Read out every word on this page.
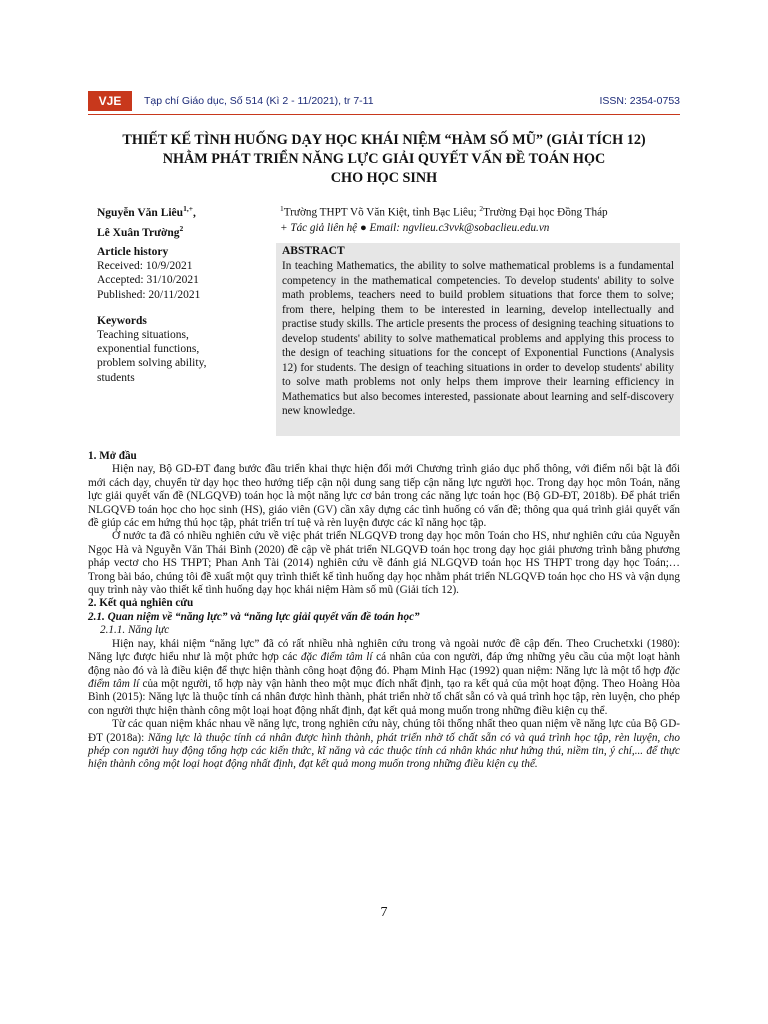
VJE	Tạp chí Giáo dục, Số 514 (Kì 2 - 11/2021), tr 7-11	ISSN: 2354-0753
THIẾT KẾ TÌNH HUỐNG DẠY HỌC KHÁI NIỆM “HÀM SỐ MŨ” (GIẢI TÍCH 12)
NHẰM PHÁT TRIỂN NĂNG LỰC GIẢI QUYẾT VẤN ĐỀ TOÁN HỌC
CHO HỌC SINH
Nguyễn Văn Liêu$^{1,+}$,
Lê Xuân Trường$^2$
$^1$Trường THPT Võ Văn Kiệt, tỉnh Bạc Liêu; $^2$Trường Đại học Đồng Tháp
+ Tác giả liên hệ ● Email: ngvlieu.c3vvk@sobaclieu.edu.vn
Article history
Received: 10/9/2021
Accepted: 31/10/2021
Published: 20/11/2021
Keywords
Teaching situations,
exponential functions,
problem solving ability,
students
ABSTRACT
In teaching Mathematics, the ability to solve mathematical problems is a fundamental competency in the mathematical competencies. To develop students' ability to solve math problems, teachers need to build problem situations that force them to solve; from there, helping them to be interested in learning, develop intellectually and practise study skills. The article presents the process of designing teaching situations to develop students' ability to solve mathematical problems and applying this process to the design of teaching situations for the concept of Exponential Functions (Analysis 12) for students. The design of teaching situations in order to develop students' ability to solve math problems not only helps them improve their learning efficiency in Mathematics but also becomes interested, passionate about learning and self-discovery new knowledge.
1. Mở đầu

Hiện nay, Bộ GD-ĐT đang bước đầu triển khai thực hiện đổi mới Chương trình giáo dục phổ thông, với điểm nổi bật là đổi mới cách dạy, chuyển từ dạy học theo hướng tiếp cận nội dung sang tiếp cận năng lực người học. Trong dạy học môn Toán, năng lực giải quyết vấn đề (NLGQVĐ) toán học là một năng lực cơ bản trong các năng lực toán học (Bộ GD-ĐT, 2018b). Để phát triển NLGQVĐ toán học cho học sinh (HS), giáo viên (GV) cần xây dựng các tình huống có vấn đề; thông qua quá trình giải quyết vấn đề giúp các em hứng thú học tập, phát triển trí tuệ và rèn luyện được các kĩ năng học tập.

Ở nước ta đã có nhiều nghiên cứu về việc phát triển NLGQVĐ trong dạy học môn Toán cho HS, như nghiên cứu của Nguyễn Ngọc Hà và Nguyễn Văn Thái Bình (2020) đề cập về phát triển NLGQVĐ toán học trong dạy học giải phương trình bằng phương pháp vectơ cho HS THPT; Phan Anh Tài (2014) nghiên cứu về đánh giá NLGQVĐ toán học HS THPT trong dạy học Toán;… Trong bài báo, chúng tôi đề xuất một quy trình thiết kế tình huống dạy học nhằm phát triển NLGQVĐ toán học cho HS và vận dụng quy trình này vào thiết kế tình huống dạy học khái niệm Hàm số mũ (Giải tích 12).

2. Kết quả nghiên cứu
2.1. Quan niệm về “năng lực” và “năng lực giải quyết vấn đề toán học”
2.1.1. Năng lực

Hiện nay, khái niệm “năng lực” đã có rất nhiều nhà nghiên cứu trong và ngoài nước đề cập đến. Theo Cruchetxki (1980): Năng lực được hiểu như là một phức hợp các đặc điểm tâm lí cá nhân của con người, đáp ứng những yêu cầu của một loạt hành động nào đó và là điều kiện để thực hiện thành công hoạt động đó. Phạm Minh Hạc (1992) quan niệm: Năng lực là một tổ hợp đặc điểm tâm lí của một người, tổ hợp này vận hành theo một mục đích nhất định, tạo ra kết quả của một hoạt động. Theo Hoàng Hòa Bình (2015): Năng lực là thuộc tính cá nhân được hình thành, phát triển nhờ tố chất sẵn có và quá trình học tập, rèn luyện, cho phép con người thực hiện thành công một loại hoạt động nhất định, đạt kết quả mong muốn trong những điều kiện cụ thể.

Từ các quan niệm khác nhau về năng lực, trong nghiên cứu này, chúng tôi thống nhất theo quan niệm về năng lực của Bộ GD-ĐT (2018a): Năng lực là thuộc tính cá nhân được hình thành, phát triển nhờ tố chất sẵn có và quá trình học tập, rèn luyện, cho phép con người huy động tổng hợp các kiến thức, kĩ năng và các thuộc tính cá nhân khác như hứng thú, niềm tin, ý chí,... để thực hiện thành công một loại hoạt động nhất định, đạt kết quả mong muốn trong những điều kiện cụ thể.

7
